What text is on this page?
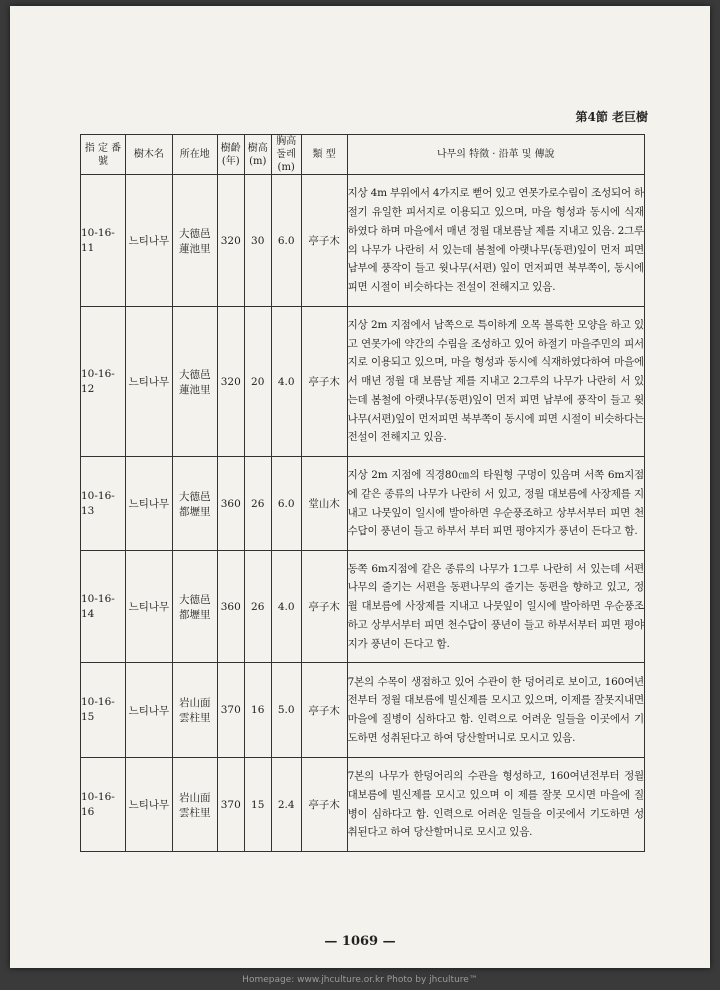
第4節 老巨樹
指 定 番 號	樹木名	所在地	樹齡 (年)	樹高 (m)	胸高둘레(m)	類 型	나무의 特徵 · 沿革 및 傳說
10-16-11	느티나무	大德邑 蓮池里	320	30	6.0	亭子木	지상 4m 부위에서 4가지로 뻗어 있고 연못가로수림이 조성되어 하절기 유일한 피서지로 이용되고 있으며, 마을 형성과 동시에 식재 하였다 하며 마을에서 매년 정월 대보름날 제를 지내고 있음. 2그루의 나무가 나란히 서 있는데 봄철에 아랫나무(동편)잎이 먼저 피면 남부에 풍작이 들고 윗나무(서편) 잎이 먼저피면 북부쪽이, 동시에 피면 시절이 비슷하다는 전설이 전해지고 있음.
10-16-12	느티나무	大德邑 蓮池里	320	20	4.0	亭子木	지상 2m 지점에서 남쪽으로 특이하게 오목 볼록한 모양을 하고 있고 연못가에 약간의 수림을 조성하고 있어 하절기 마을주민의 피서지로 이용되고 있으며, 마을 형성과 동시에 식재하였다하여 마을에서 매년 정월 대 보름날 제를 지내고 2그루의 나무가 나란히 서 있는데 봄철에 아랫나무(동편)잎이 먼저 피면 남부에 풍작이 들고 윗나무(서편)잎이 먼저피면 북부쪽이 동시에 피면 시절이 비슷하다는 전설이 전해지고 있음.
10-16-13	느티나무	大德邑 都壢里	360	26	6.0	堂山木	지상 2m 지점에 직경80㎝의 타원형 구멍이 있음며 서쪽 6m지점에 같은 종류의 나무가 나란히 서 있고, 정월 대보름에 사장제를 지내고 나뭇잎이 일시에 발아하면 우순풍조하고 상부서부터 피면 천수답이 풍년이 들고 하부서 부터 피면 평야지가 풍년이 든다고 함.
10-16-14	느티나무	大德邑 都壢里	360	26	4.0	亭子木	동쪽 6m지점에 같은 종류의 나무가 1그루 나란히 서 있는데 서편나무의 줄기는 서편을 동편나무의 줄기는 동편을 향하고 있고, 정월 대보름에 사장제를 지내고 나뭇잎이 일시에 발아하면 우순풍조하고 상부서부터 피면 천수답이 풍년이 들고 하부서부터 피면 평야지가 풍년이 든다고 함.
10-16-15	느티나무	岩山面 雲柱里	370	16	5.0	亭子木	7본의 수목이 생점하고 있어 수관이 한 덩어리로 보이고, 160여년전부터 정월 대보름에 빌신제를 모시고 있으며, 이제를 잘못지내면 마을에 질병이 심하다고 함. 인력으로 어려운 일들을 이곳에서 기도하면 성취된다고 하여 당산할머니로 모시고 있음.
10-16-16	느티나무	岩山面 雲柱里	370	15	2.4	亭子木	7본의 나무가 한덩어리의 수관을 형성하고, 160여년전부터 정월 대보름에 빌신제를 모시고 있으며 이 제를 잘못 모시면 마을에 질병이 심하다고 함. 인력으로 어려운 일들을 이곳에서 기도하면 성취된다고 하여 당산할머니로 모시고 있음.
— 1069 —
Homepage: www.jhculture.or.kr Photo by jhculture™
